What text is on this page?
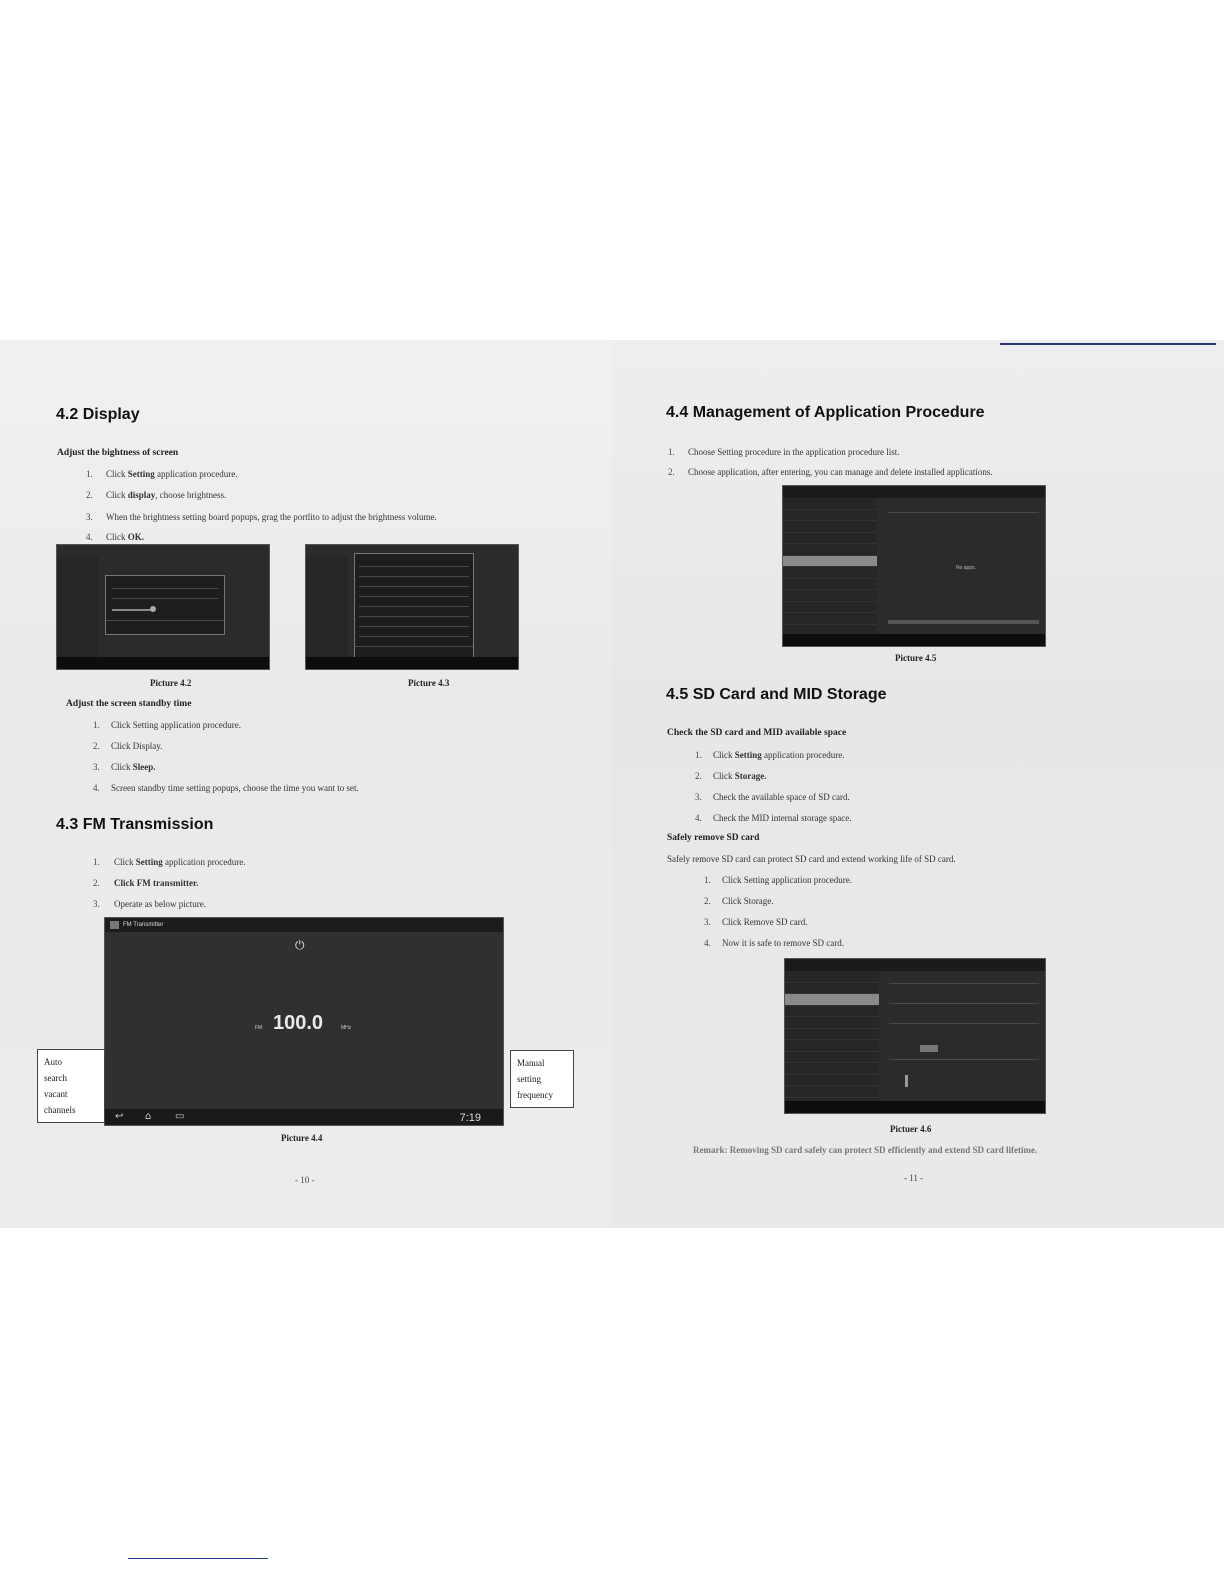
4.2 Display
Adjust the bightness of screen
1. Click Setting application procedure.
2. Click display, choose brightness.
3. When the brightness setting board popups, grag the portlito to adjust the brightness volume.
4. Click OK.
Picture 4.2	Picture 4.3
Adjust the screen standby time
1. Click Setting application procedure.
2. Click Display.
3. Click Sleep.
4. Screen standby time setting popups, choose the time you want to set.
4.3 FM Transmission
1. Click Setting application procedure.
2. Click FM transmitter.
3. Operate as below picture.
FM Transmitter
⏻
FM 100.0	MHz
↩ ⌂ ▭	7:19
Auto
search
vacant
channels
Manual
setting
frequency
Picture 4.4
- 10 -
4.4 Management of Application Procedure
1. Choose Setting procedure in the application procedure list.
2. Choose application, after entering, you can manage and delete installed applications.
No apps.
Picture 4.5
4.5 SD Card and MID Storage
Check the SD card and MID available space
1. Click Setting application procedure.
2. Click Storage.
3. Check the available space of SD card.
4. Check the MID internal storage space.
Safely remove SD card
Safely remove SD card can protect SD card and extend working life of SD card.
1. Click Setting application procedure.
2. Click Storage.
3. Click Remove SD card.
4. Now it is safe to remove SD card.
Pictuer 4.6
Remark: Removing SD card safely can protect SD efficiently and extend SD card lifetime.
- 11 -
